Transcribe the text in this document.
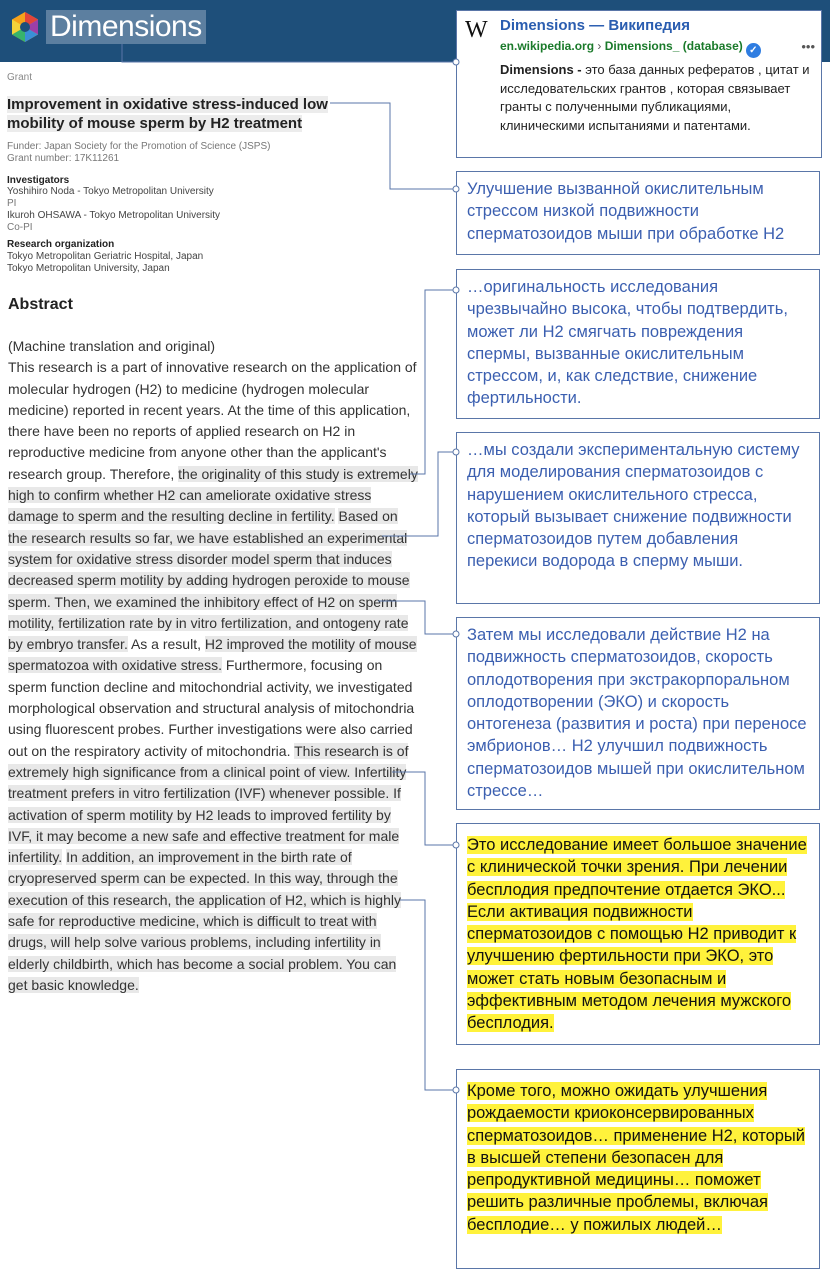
Dimensions
Grant
Improvement in oxidative stress-induced low mobility of mouse sperm by H2 treatment
Funder: Japan Society for the Promotion of Science (JSPS)
Grant number: 17K11261
Investigators
Yoshihiro Noda - Tokyo Metropolitan University
PI
Ikuroh OHSAWA - Tokyo Metropolitan University
Co-PI
Research organization
Tokyo Metropolitan Geriatric Hospital, Japan
Tokyo Metropolitan University, Japan
Abstract
(Machine translation and original)
This research is a part of innovative research on the application of molecular hydrogen (H2) to medicine (hydrogen molecular medicine) reported in recent years. At the time of this application, there have been no reports of applied research on H2 in reproductive medicine from anyone other than the applicant's research group. Therefore, the originality of this study is extremely high to confirm whether H2 can ameliorate oxidative stress damage to sperm and the resulting decline in fertility. Based on the research results so far, we have established an experimental system for oxidative stress disorder model sperm that induces decreased sperm motility by adding hydrogen peroxide to mouse sperm. Then, we examined the inhibitory effect of H2 on sperm motility, fertilization rate by in vitro fertilization, and ontogeny rate by embryo transfer. As a result, H2 improved the motility of mouse spermatozoa with oxidative stress. Furthermore, focusing on sperm function decline and mitochondrial activity, we investigated morphological observation and structural analysis of mitochondria using fluorescent probes. Further investigations were also carried out on the respiratory activity of mitochondria. This research is of extremely high significance from a clinical point of view. Infertility treatment prefers in vitro fertilization (IVF) whenever possible. If activation of sperm motility by H2 leads to improved fertility by IVF, it may become a new safe and effective treatment for male infertility. In addition, an improvement in the birth rate of cryopreserved sperm can be expected. In this way, through the execution of this research, the application of H2, which is highly safe for reproductive medicine, which is difficult to treat with drugs, will help solve various problems, including infertility in elderly childbirth, which has become a social problem. You can get basic knowledge.
W Dimensions — Википедия
en.wikipedia.org › Dimensions_ (database) ✓	•••
Dimensions - это база данных рефератов , цитат и исследовательских грантов , которая связывает гранты с полученными публикациями, клиническими испытаниями и патентами.
Улучшение вызванной окислительным стрессом низкой подвижности сперматозоидов мыши при обработке H2
…оригинальность исследования чрезвычайно высока, чтобы подтвердить, может ли H2 смягчать повреждения спермы, вызванные окислительным стрессом, и, как следствие, снижение фертильности.
…мы создали экспериментальную систему для моделирования сперматозоидов с нарушением окислительного стресса, который вызывает снижение подвижности сперматозоидов путем добавления перекиси водорода в сперму мыши.
Затем мы исследовали действие H2 на подвижность сперматозоидов, скорость оплодотворения при экстракорпоральном оплодотворении (ЭКО) и скорость онтогенеза (развития и роста) при переносе эмбрионов… H2 улучшил подвижность сперматозоидов мышей при окислительном стрессе…
Это исследование имеет большое значение с клинической точки зрения. При лечении бесплодия предпочтение отдается ЭКО... Если активация подвижности сперматозоидов с помощью H2 приводит к улучшению фертильности при ЭКО, это может стать новым безопасным и эффективным методом лечения мужского бесплодия.
Кроме того, можно ожидать улучшения рождаемости криоконсервированных сперматозоидов… применение H2, который в высшей степени безопасен для репродуктивной медицины… поможет решить различные проблемы, включая бесплодие… у пожилых людей…
